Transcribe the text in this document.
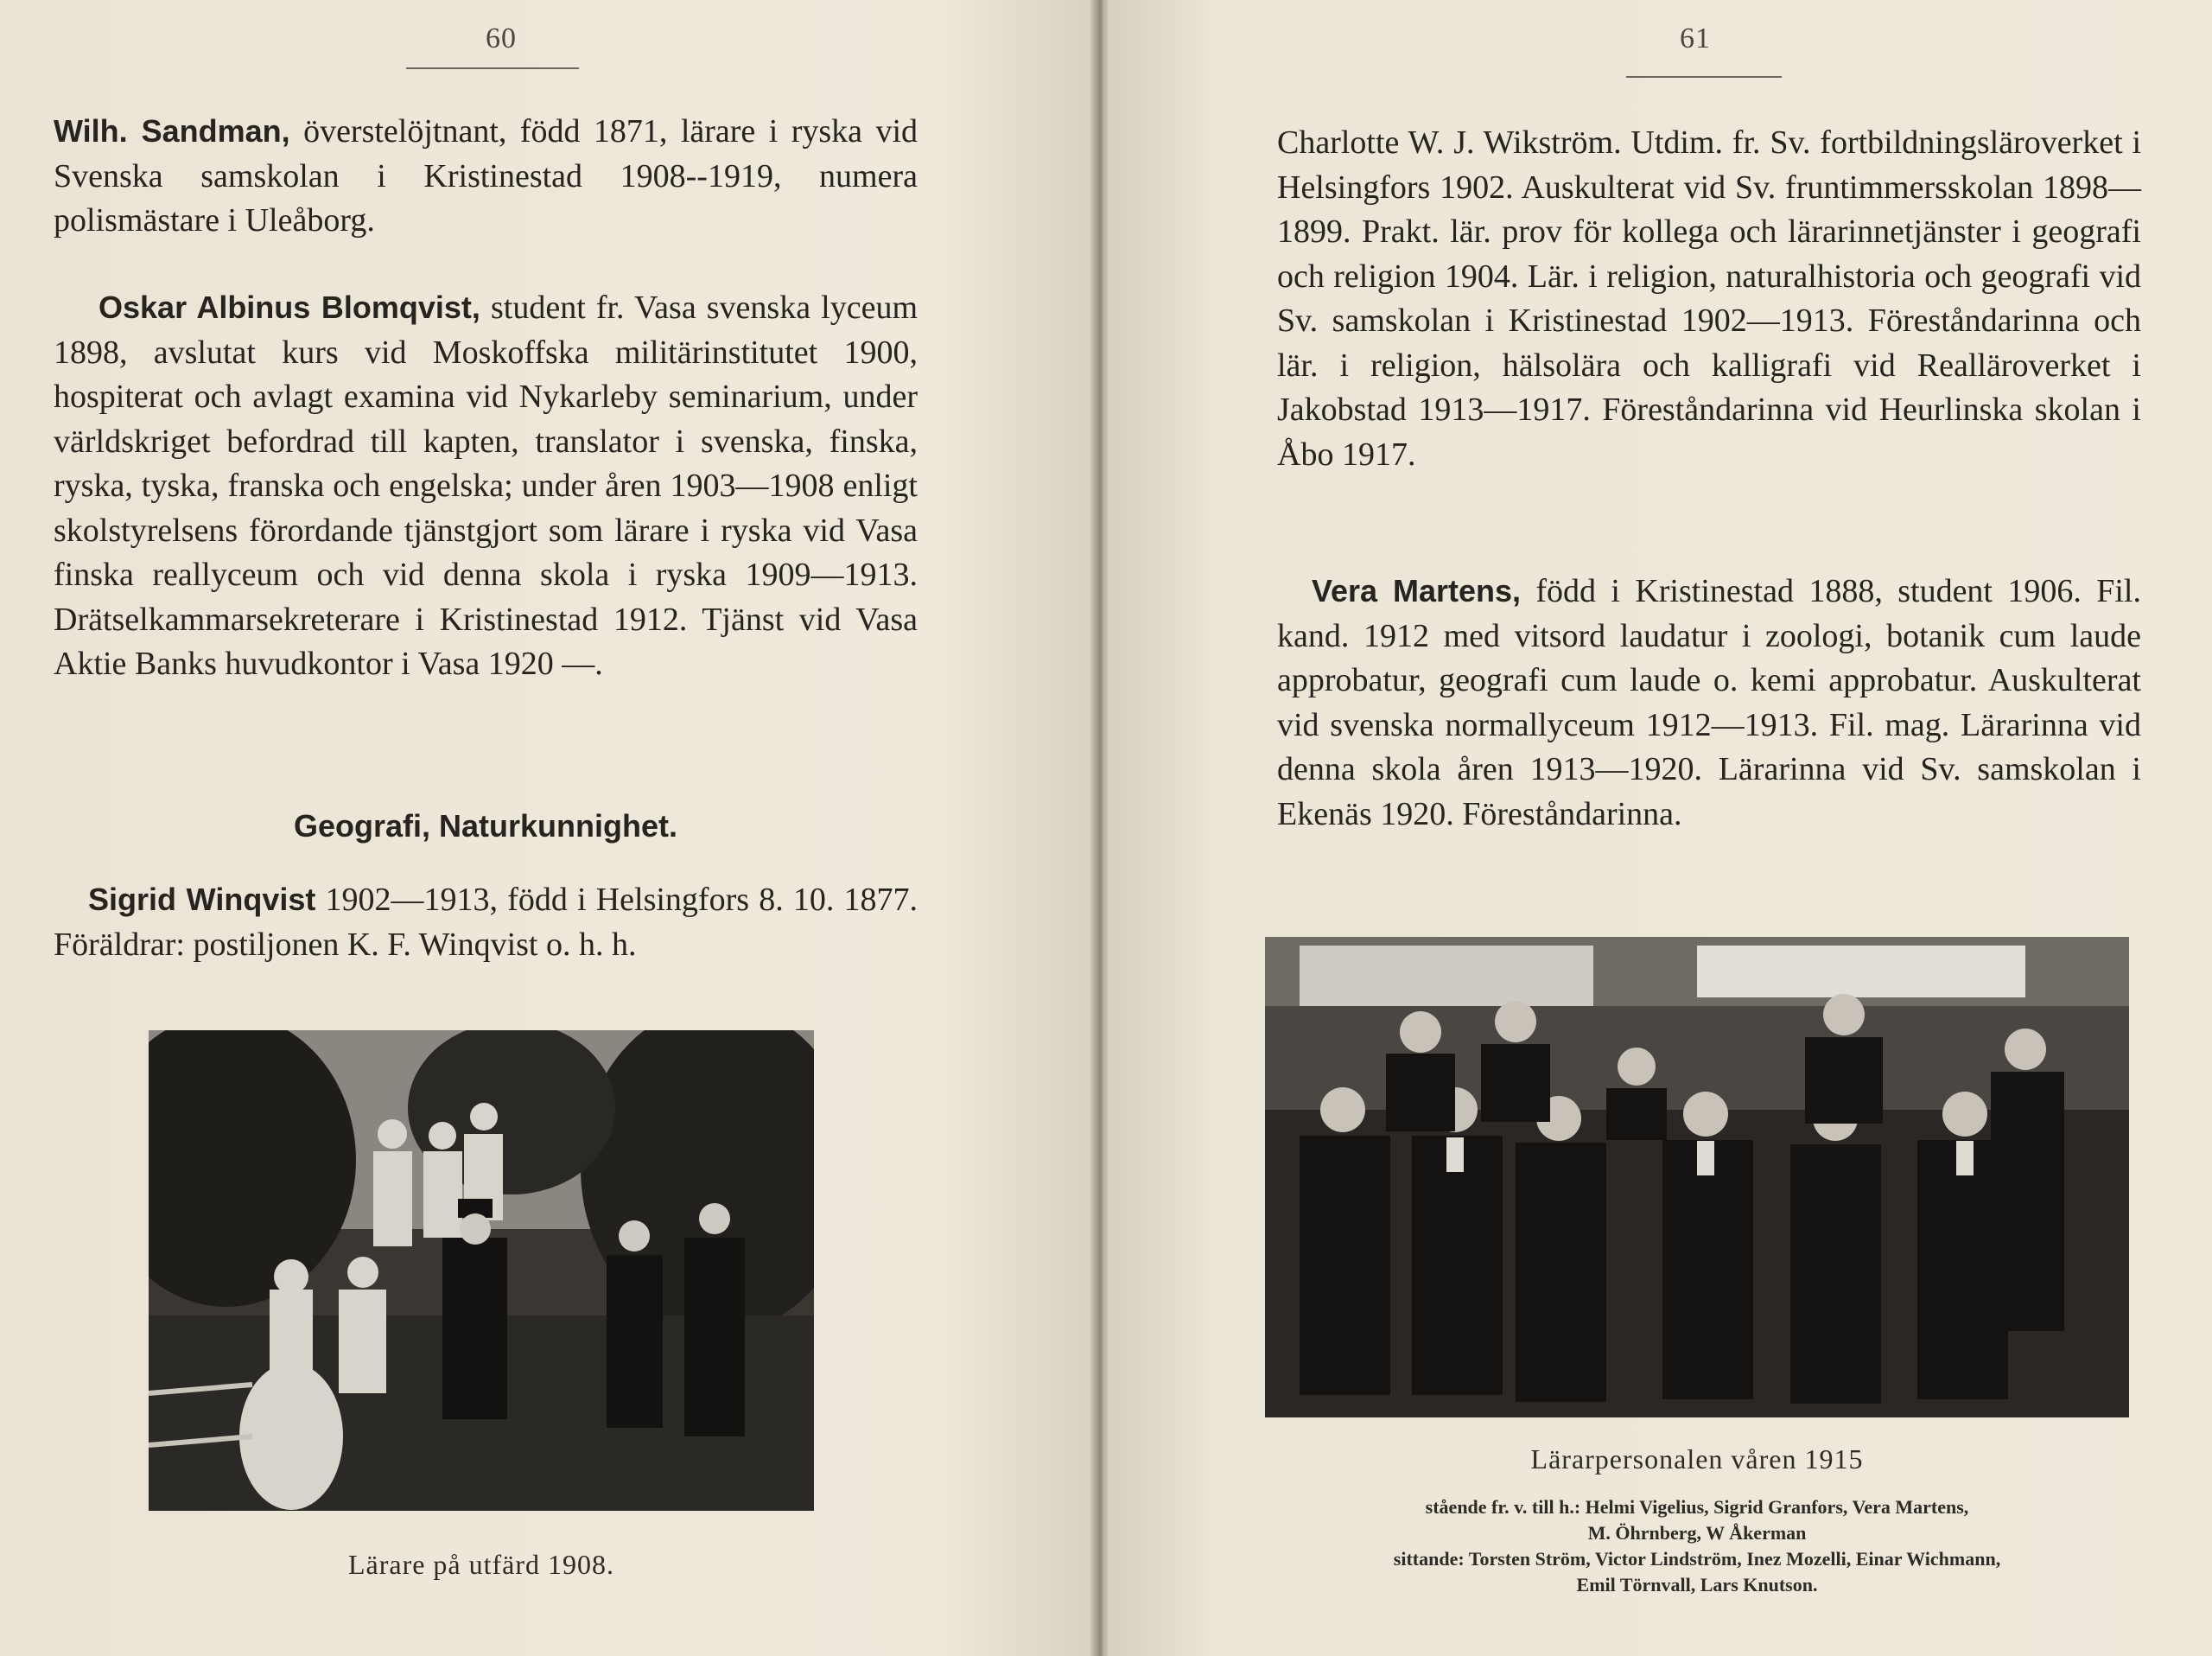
60

Wilh. Sandman, överstelöjtnant, född 1871, lärare i ryska vid Svenska samskolan i Kristinestad 1908--1919, numera polismästare i Uleåborg.

Oskar Albinus Blomqvist, student fr. Vasa svenska lyceum 1898, avslutat kurs vid Moskoffska militärinstitutet 1900, hospiterat och avlagt examina vid Nykarleby seminarium, under världskriget befordrad till kapten, translator i svenska, finska, ryska, tyska, franska och engelska; under åren 1903—1908 enligt skolstyrelsens förordande tjänstgjort som lärare i ryska vid Vasa finska reallyceum och vid denna skola i ryska 1909—1913. Drätselkammarsekreterare i Kristinestad 1912. Tjänst vid Vasa Aktie Banks huvudkontor i Vasa 1920 —.

Geografi, Naturkunnighet.

Sigrid Winqvist 1902—1913, född i Helsingfors 8. 10. 1877. Föräldrar: postiljonen K. F. Winqvist o. h. h.

Lärare på utfärd 1908.

61

Charlotte W. J. Wikström. Utdim. fr. Sv. fortbildningsläroverket i Helsingfors 1902. Auskulterat vid Sv. fruntimmersskolan 1898—1899. Prakt. lär. prov för kollega och lärarinnetjänster i geografi och religion 1904. Lär. i religion, naturalhistoria och geografi vid Sv. samskolan i Kristinestad 1902—1913. Föreståndarinna och lär. i religion, hälsolära och kalligrafi vid Realläroverket i Jakobstad 1913—1917. Föreståndarinna vid Heurlinska skolan i Åbo 1917.

Vera Martens, född i Kristinestad 1888, student 1906. Fil. kand. 1912 med vitsord laudatur i zoologi, botanik cum laude approbatur, geografi cum laude o. kemi approbatur. Auskulterat vid svenska normallyceum 1912—1913. Fil. mag. Lärarinna vid denna skola åren 1913—1920. Lärarinna vid Sv. samskolan i Ekenäs 1920. Föreståndarinna.

Lärarpersonalen våren 1915
stående fr. v. till h.: Helmi Vigelius, Sigrid Granfors, Vera Martens,
M. Öhrnberg, W Åkerman
sittande: Torsten Ström, Victor Lindström, Inez Mozelli, Einar Wichmann,
Emil Törnvall, Lars Knutson.
